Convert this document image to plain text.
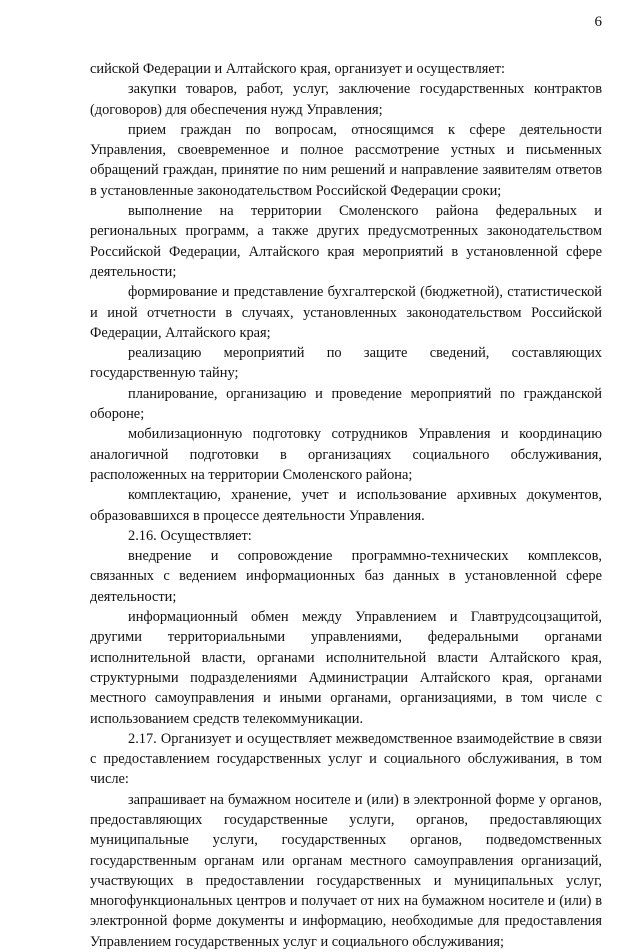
6

сийской Федерации и Алтайского края, организует и осуществляет:

закупки товаров, работ, услуг, заключение государственных контрактов (договоров) для обеспечения нужд Управления;

прием граждан по вопросам, относящимся к сфере деятельности Управления, своевременное и полное рассмотрение устных и письменных обращений граждан, принятие по ним решений и направление заявителям ответов в установленные законодательством Российской Федерации сроки;

выполнение на территории Смоленского района федеральных и региональных программ, а также других предусмотренных законодательством Российской Федерации, Алтайского края мероприятий в установленной сфере деятельности;

формирование и представление бухгалтерской (бюджетной), статистической и иной отчетности в случаях, установленных законодательством Российской Федерации, Алтайского края;

реализацию мероприятий по защите сведений, составляющих государственную тайну;

планирование, организацию и проведение мероприятий по гражданской обороне;

мобилизационную подготовку сотрудников Управления и координацию аналогичной подготовки в организациях социального обслуживания, расположенных на территории Смоленского района;

комплектацию, хранение, учет и использование архивных документов, образовавшихся в процессе деятельности Управления.

2.16. Осуществляет:

внедрение и сопровождение программно-технических комплексов, связанных с ведением информационных баз данных в установленной сфере деятельности;

информационный обмен между Управлением и Главтрудсоцзащитой, другими территориальными управлениями, федеральными органами исполнительной власти, органами исполнительной власти Алтайского края, структурными подразделениями Администрации Алтайского края, органами местного самоуправления и иными органами, организациями, в том числе с использованием средств телекоммуникации.

2.17. Организует и осуществляет межведомственное взаимодействие в связи с предоставлением государственных услуг и социального обслуживания, в том числе:

запрашивает на бумажном носителе и (или) в электронной форме у органов, предоставляющих государственные услуги, органов, предоставляющих муниципальные услуги, государственных органов, подведомственных государственным органам или органам местного самоуправления организаций, участвующих в предоставлении государственных и муниципальных услуг, многофункциональных центров и получает от них на бумажном носителе и (или) в электронной форме документы и информацию, необходимые для предоставления Управлением государственных услуг и социального обслуживания;
